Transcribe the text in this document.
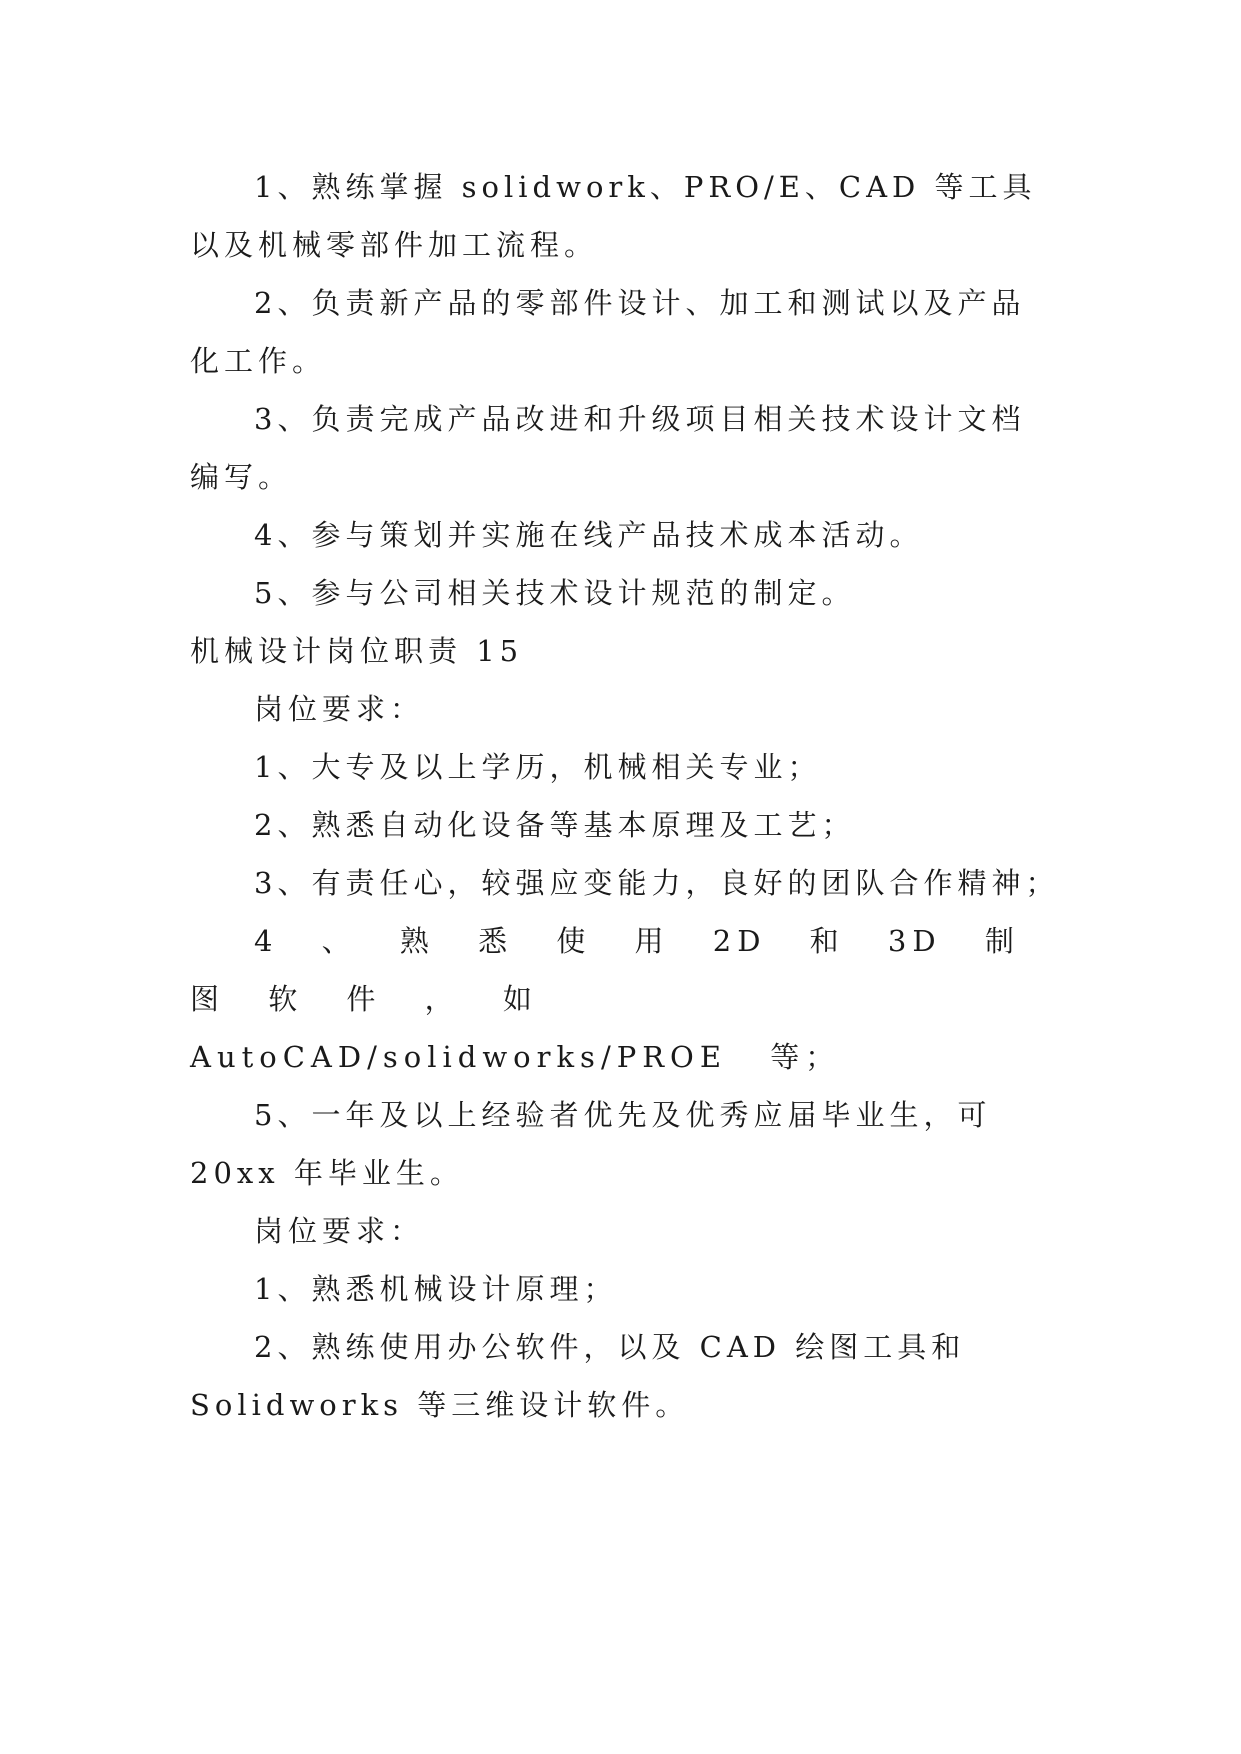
1、熟练掌握 solidwork、PRO/E、CAD 等工具以及机械零部件加工流程。

2、负责新产品的零部件设计、加工和测试以及产品化工作。

3、负责完成产品改进和升级项目相关技术设计文档编写。

4、参与策划并实施在线产品技术成本活动。

5、参与公司相关技术设计规范的制定。

机械设计岗位职责 15

岗位要求：

1、大专及以上学历，机械相关专业；

2、熟悉自动化设备等基本原理及工艺；

3、有责任心，较强应变能力，良好的团队合作精神；

4 、 熟 悉 使 用 2D 和 3D 制 图 软 件 ， 如 AutoCAD/solidworks/PROE 等；

5、一年及以上经验者优先及优秀应届毕业生，可 20xx 年毕业生。

岗位要求：

1、熟悉机械设计原理；

2、熟练使用办公软件，以及 CAD 绘图工具和 Solidworks 等三维设计软件。
